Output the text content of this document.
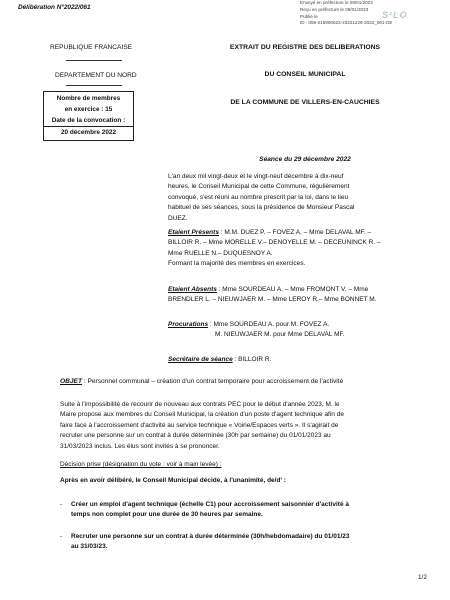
Envoyé en préfecture le 09/01/2023
Reçu en préfecture le 09/01/2023
Publié le
ID : 059-215900623-20221229-2022_061-DE
S²LO
Délibération N°2022/061
REPUBLIQUE FRANCAISE
DEPARTEMENT DU NORD
Nombre de membres
en exercice : 15
Date de la convocation :
20 décembre 2022
EXTRAIT DU REGISTRE DES DELIBERATIONS
DU CONSEIL MUNICIPAL
DE LA COMMUNE DE VILLERS-EN-CAUCHIES
Séance du 29 décembre 2022
L'an deux mil vingt-deux et le vingt-neuf décembre à dix-neuf
heures, le Conseil Municipal de cette Commune, régulièrement
convoqué, s'est réuni au nombre prescrit par la loi, dans le lieu
habituel de ses séances, sous la présidence de Monsieur Pascal
DUEZ.
Etaient Présents : M.M. DUEZ P. – FOVEZ A. – Mme DELAVAL MF. –
BILLOIR R. – Mme MORELLE V.– DENOYELLE M. – DECEUNINCK R. –
Mme RUELLE N.– DUQUESNOY A.
Formant la majorité des membres en exercices.
Etaient Absents : Mme SOURDEAU A. – Mme FROMONT V. – Mme
BRENDLER L. – NIEUWJAER M. – Mme LEROY R.– Mme BONNET M.
Procurations : Mme SOURDEAU A. pour M. FOVEZ A.
M. NIEUWJAER M. pour Mme DELAVAL MF.
Secrétaire de séance : BILLOIR R.
OBJET : Personnel communal – création d'un contrat temporaire pour accroissement de l'activité
Suite à l'impossibilité de recourir de nouveau aux contrats PEC pour le début d'année 2023, M. le
Maire propose aux membres du Conseil Municipal, la création d'un poste d'agent technique afin de
faire face à l'accroissement d'activité au service technique « Voirie/Espaces verts ». Il s'agirait de
recruter une personne sur un contrat à durée déterminée (30h par semaine) du 01/01/2023 au
31/03/2023 inclus. Les élus sont invités à se prononcer.
Décision prise (désignation du vote : voir à main levée) :
Après en avoir délibéré, le Conseil Municipal décide, à l'unanimité, de/d' :
- Créer un emploi d'agent technique (échelle C1) pour accroissement saisonnier d'activité à
temps non complet pour une durée de 30 heures par semaine.
- Recruter une personne sur un contrat à durée déterminée (30h/hebdomadaire) du 01/01/23
au 31/03/23.
1/2
